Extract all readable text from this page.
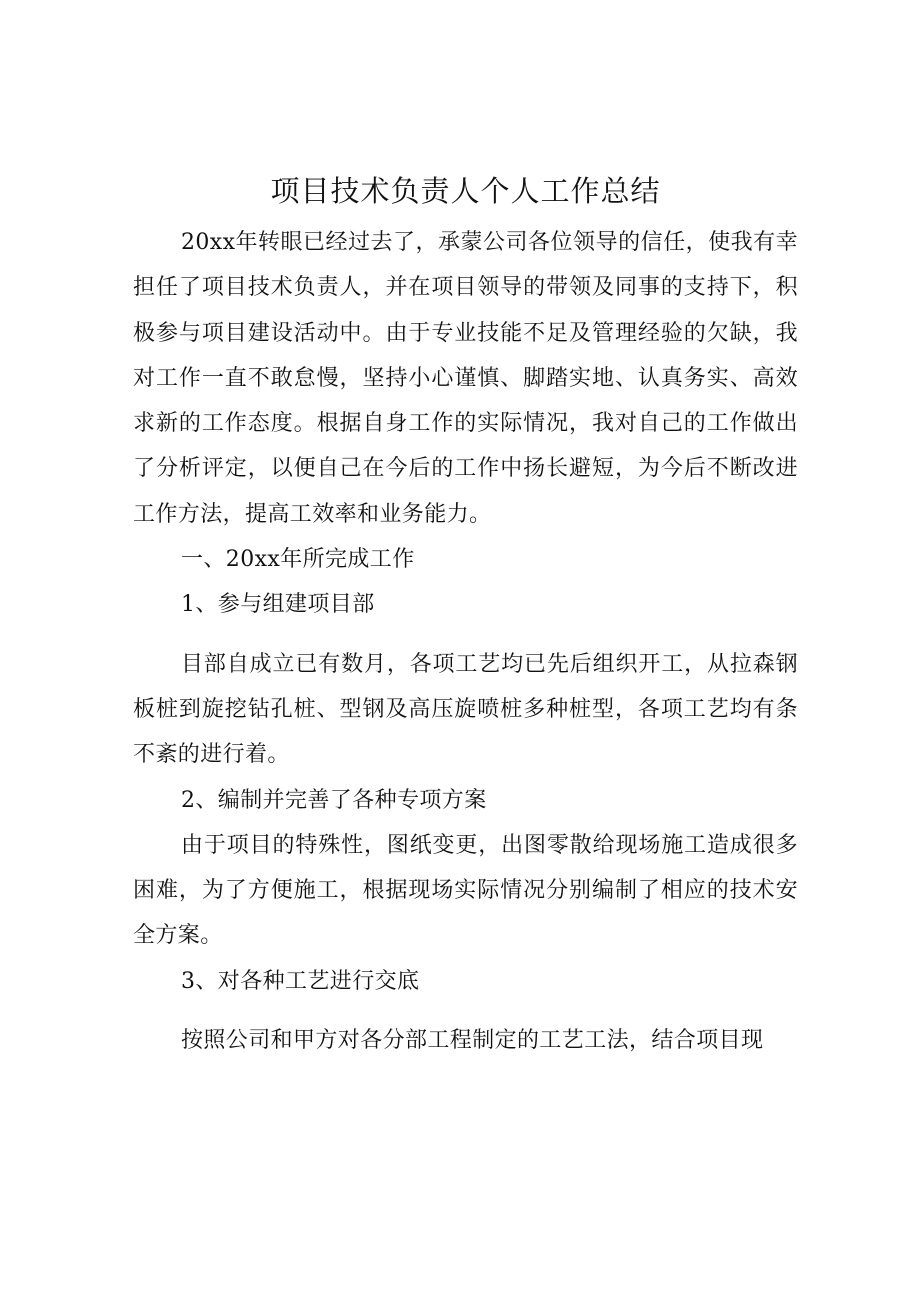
项目技术负责人个人工作总结

20xx年转眼已经过去了，承蒙公司各位领导的信任，使我有幸担任了项目技术负责人，并在项目领导的带领及同事的支持下，积极参与项目建设活动中。由于专业技能不足及管理经验的欠缺，我对工作一直不敢怠慢，坚持小心谨慎、脚踏实地、认真务实、高效求新的工作态度。根据自身工作的实际情况，我对自己的工作做出了分析评定，以便自己在今后的工作中扬长避短，为今后不断改进工作方法，提高工效率和业务能力。

一、20xx年所完成工作

1、参与组建项目部

目部自成立已有数月，各项工艺均已先后组织开工，从拉森钢板桩到旋挖钻孔桩、型钢及高压旋喷桩多种桩型，各项工艺均有条不紊的进行着。

2、编制并完善了各种专项方案

由于项目的特殊性，图纸变更，出图零散给现场施工造成很多困难，为了方便施工，根据现场实际情况分别编制了相应的技术安全方案。

3、对各种工艺进行交底

按照公司和甲方对各分部工程制定的工艺工法，结合项目现
